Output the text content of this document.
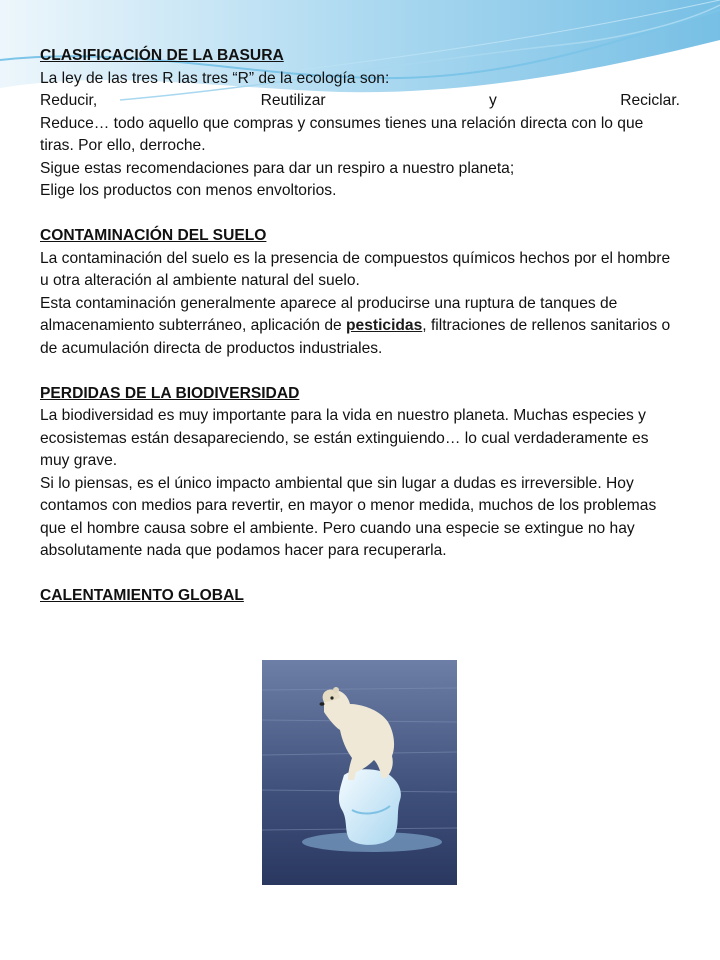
CLASIFICACIÓN DE LA BASURA

La ley de las tres R las tres “R” de la ecología son:

Reducir,	Reutilizar	y	Reciclar.

Reduce… todo aquello que compras y consumes tienes una relación directa con lo que tiras. Por ello, derroche.

Sigue estas recomendaciones para dar un respiro a nuestro planeta;

Elige los productos con menos envoltorios.

CONTAMINACIÓN DEL SUELO

La contaminación del suelo es la presencia de compuestos químicos hechos por el hombre u otra alteración al ambiente natural del suelo.

Esta contaminación generalmente aparece al producirse una ruptura de tanques de almacenamiento subterráneo, aplicación de pesticidas, filtraciones de rellenos sanitarios o de acumulación directa de productos industriales.

PERDIDAS DE LA BIODIVERSIDAD

La biodiversidad es muy importante para la vida en nuestro planeta. Muchas especies y ecosistemas están desapareciendo, se están extinguiendo… lo cual verdaderamente es muy grave.

Si lo piensas, es el único impacto ambiental que sin lugar a dudas es irreversible. Hoy contamos con medios para revertir, en mayor o menor medida, muchos de los problemas que el hombre causa sobre el ambiente. Pero cuando una especie se extingue no hay absolutamente nada que podamos hacer para recuperarla.

CALENTAMIENTO GLOBAL
